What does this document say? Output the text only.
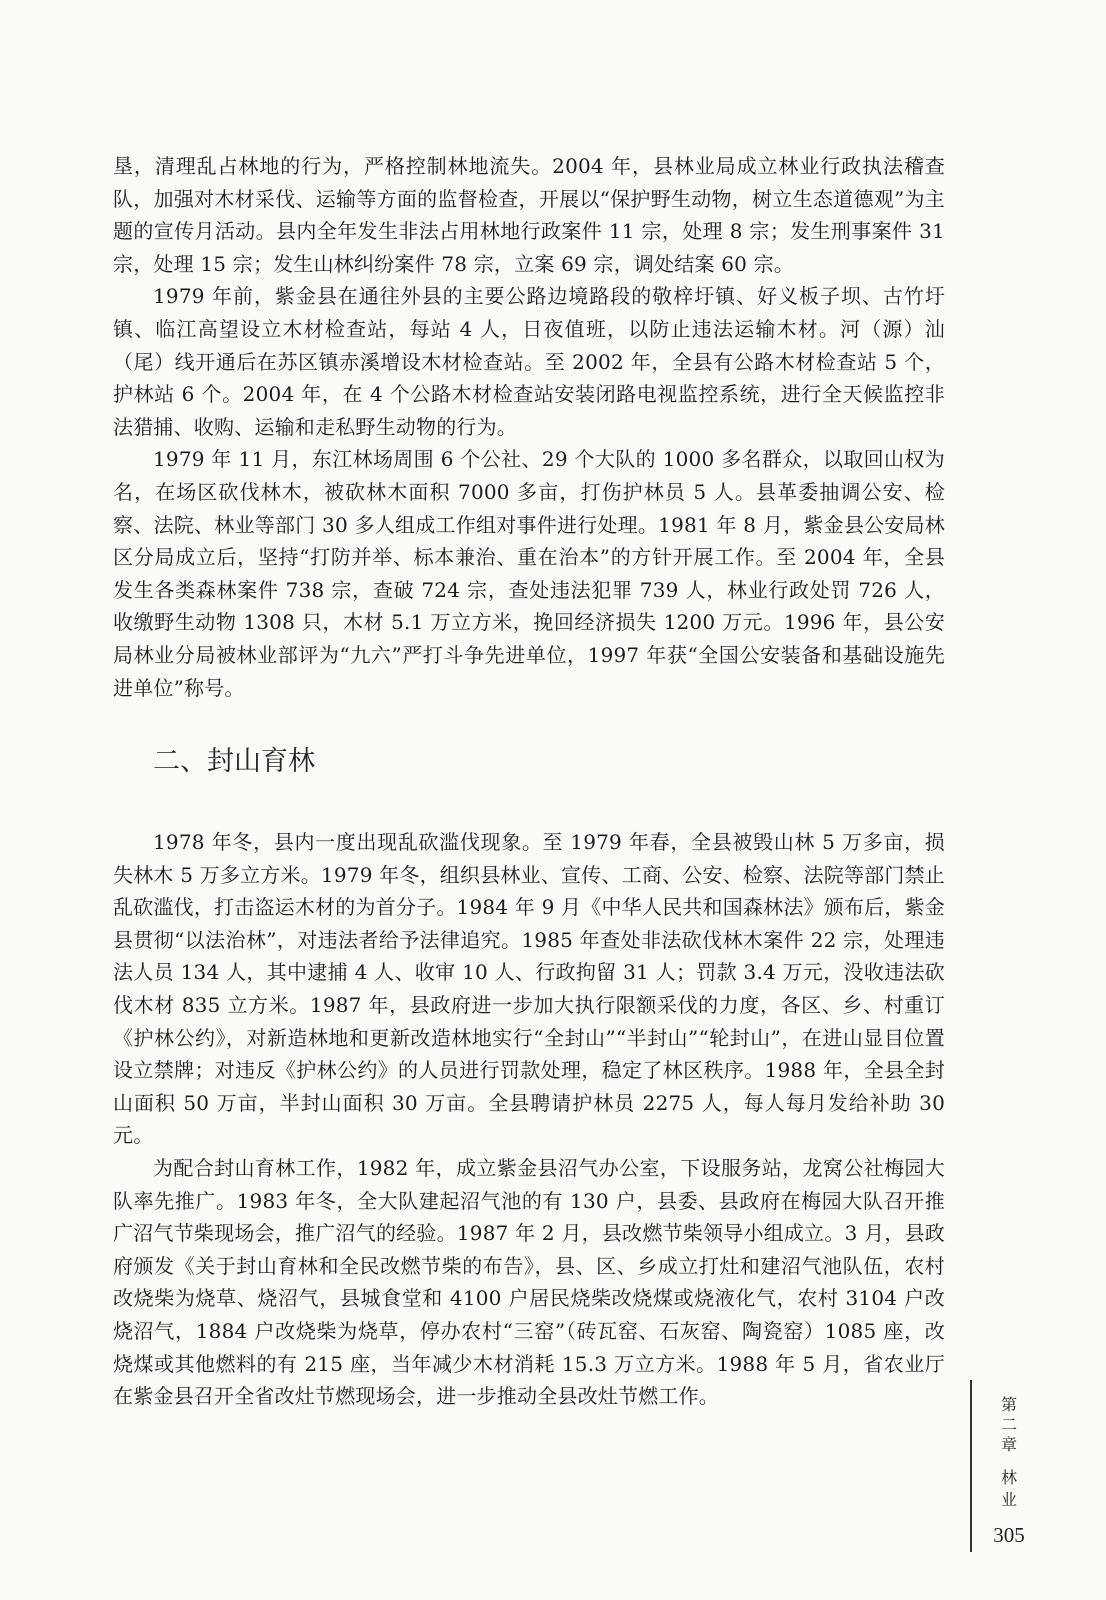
垦，清理乱占林地的行为，严格控制林地流失。2004 年，县林业局成立林业行政执法稽查队，加强对木材采伐、运输等方面的监督检查，开展以“保护野生动物，树立生态道德观”为主题的宣传月活动。县内全年发生非法占用林地行政案件 11 宗，处理 8 宗；发生刑事案件 31 宗，处理 15 宗；发生山林纠纷案件 78 宗，立案 69 宗，调处结案 60 宗。

1979 年前，紫金县在通往外县的主要公路边境路段的敬梓圩镇、好义板子坝、古竹圩镇、临江高望设立木材检查站，每站 4 人，日夜值班，以防止违法运输木材。河（源）汕（尾）线开通后在苏区镇赤溪增设木材检查站。至 2002 年，全县有公路木材检查站 5 个，护林站 6 个。2004 年，在 4 个公路木材检查站安装闭路电视监控系统，进行全天候监控非法猎捕、收购、运输和走私野生动物的行为。

1979 年 11 月，东江林场周围 6 个公社、29 个大队的 1000 多名群众，以取回山权为名，在场区砍伐林木，被砍林木面积 7000 多亩，打伤护林员 5 人。县革委抽调公安、检察、法院、林业等部门 30 多人组成工作组对事件进行处理。1981 年 8 月，紫金县公安局林区分局成立后，坚持“打防并举、标本兼治、重在治本”的方针开展工作。至 2004 年，全县发生各类森林案件 738 宗，查破 724 宗，查处违法犯罪 739 人，林业行政处罚 726 人，收缴野生动物 1308 只，木材 5.1 万立方米，挽回经济损失 1200 万元。1996 年，县公安局林业分局被林业部评为“九六”严打斗争先进单位，1997 年获“全国公安装备和基础设施先进单位”称号。

二、封山育林

1978 年冬，县内一度出现乱砍滥伐现象。至 1979 年春，全县被毁山林 5 万多亩，损失林木 5 万多立方米。1979 年冬，组织县林业、宣传、工商、公安、检察、法院等部门禁止乱砍滥伐，打击盗运木材的为首分子。1984 年 9 月《中华人民共和国森林法》颁布后，紫金县贯彻“以法治林”，对违法者给予法律追究。1985 年查处非法砍伐林木案件 22 宗，处理违法人员 134 人，其中逮捕 4 人、收审 10 人、行政拘留 31 人；罚款 3.4 万元，没收违法砍伐木材 835 立方米。1987 年，县政府进一步加大执行限额采伐的力度，各区、乡、村重订《护林公约》，对新造林地和更新改造林地实行“全封山”“半封山”“轮封山”，在进山显目位置设立禁牌；对违反《护林公约》的人员进行罚款处理，稳定了林区秩序。1988 年，全县全封山面积 50 万亩，半封山面积 30 万亩。全县聘请护林员 2275 人，每人每月发给补助 30 元。

为配合封山育林工作，1982 年，成立紫金县沼气办公室，下设服务站，龙窝公社梅园大队率先推广。1983 年冬，全大队建起沼气池的有 130 户，县委、县政府在梅园大队召开推广沼气节柴现场会，推广沼气的经验。1987 年 2 月，县改燃节柴领导小组成立。3 月，县政府颁发《关于封山育林和全民改燃节柴的布告》，县、区、乡成立打灶和建沼气池队伍，农村改烧柴为烧草、烧沼气，县城食堂和 4100 户居民烧柴改烧煤或烧液化气，农村 3104 户改烧沼气，1884 户改烧柴为烧草，停办农村“三窑”（砖瓦窑、石灰窑、陶瓷窑）1085 座，改烧煤或其他燃料的有 215 座，当年减少木材消耗 15.3 万立方米。1988 年 5 月，省农业厅在紫金县召开全省改灶节燃现场会，进一步推动全县改灶节燃工作。	第二章
林业
305
